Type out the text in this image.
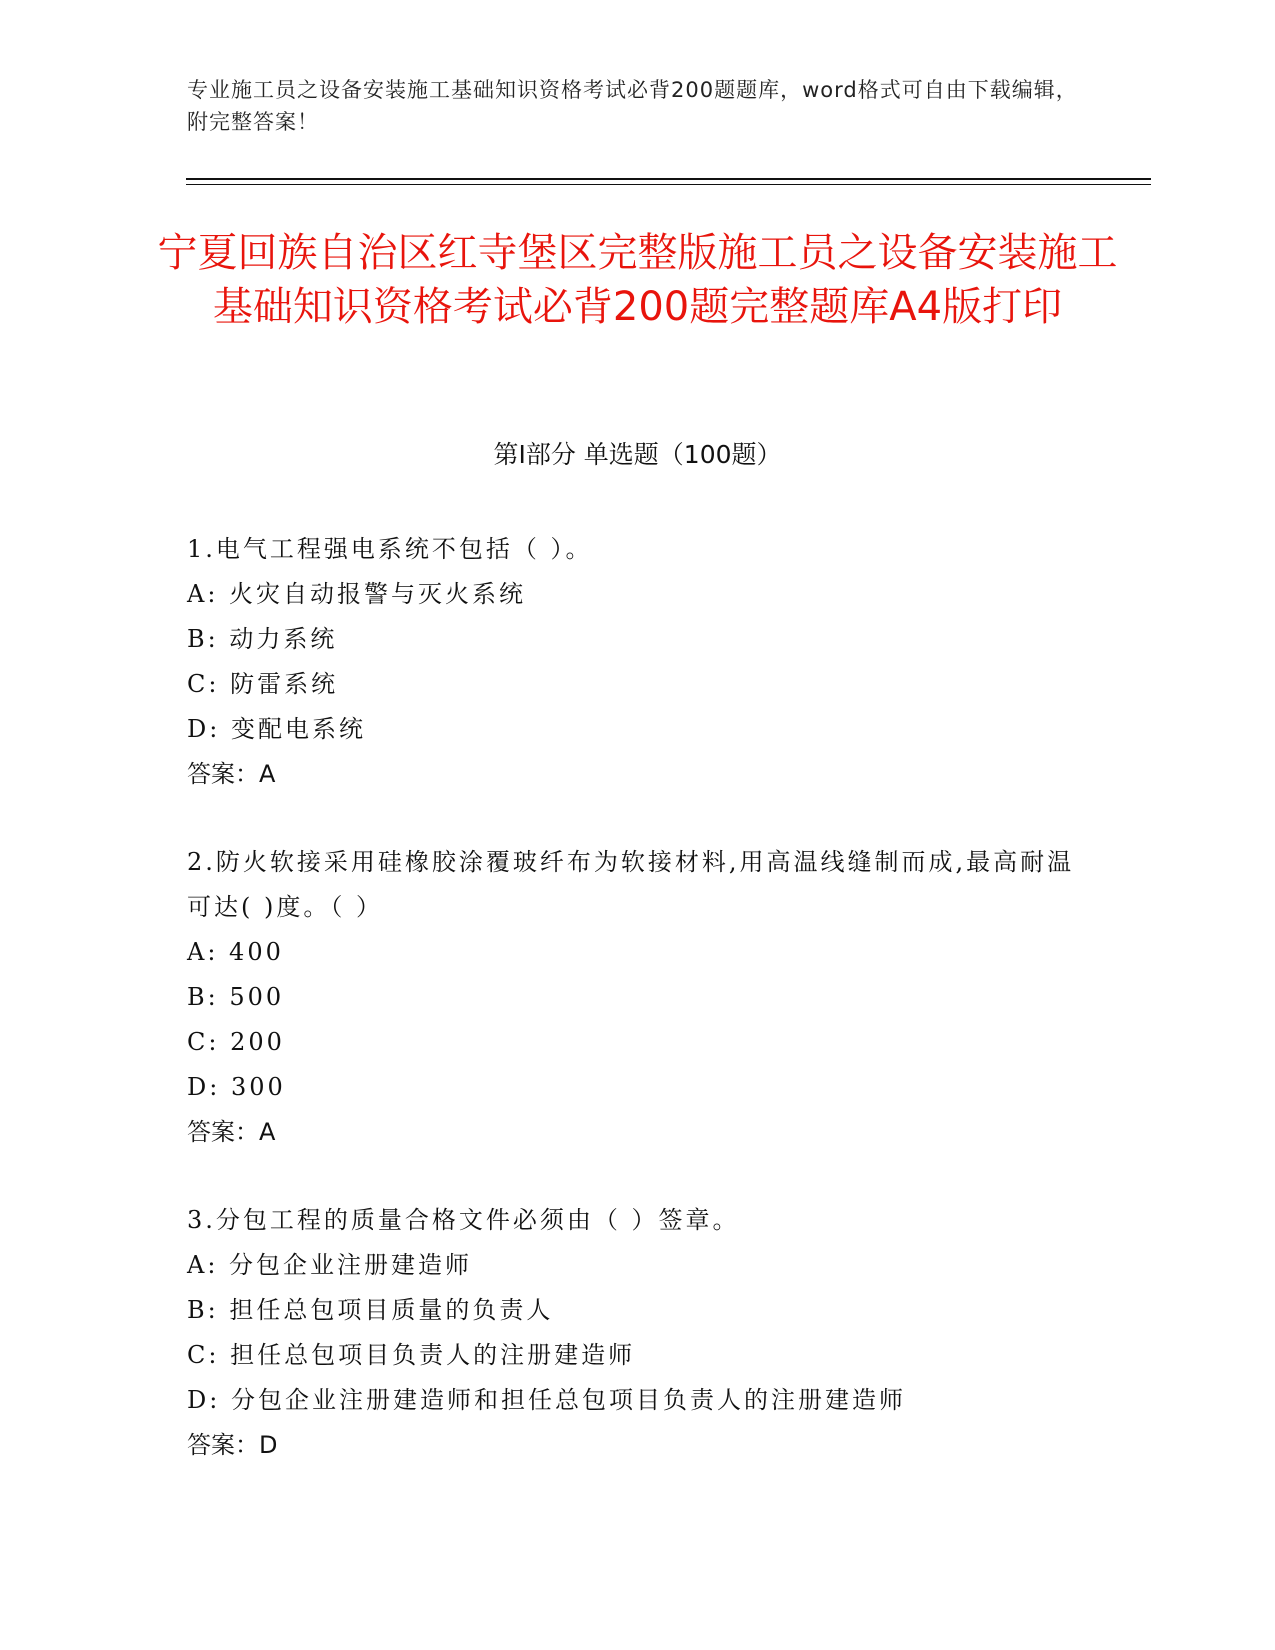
专业施工员之设备安装施工基础知识资格考试必背200题题库，word格式可自由下载编辑，附完整答案！
宁夏回族自治区红寺堡区完整版施工员之设备安装施工基础知识资格考试必背200题完整题库A4版打印
第I部分 单选题（100题）

1.电气工程强电系统不包括（ ）。

A: 火灾自动报警与灭火系统

B: 动力系统

C: 防雷系统

D: 变配电系统

答案：A

2.防火软接采用硅橡胶涂覆玻纤布为软接材料,用高温线缝制而成,最高耐温可达( )度。（ ）

A: 400

B: 500

C: 200

D: 300

答案：A

3.分包工程的质量合格文件必须由（ ）签章。

A: 分包企业注册建造师

B: 担任总包项目质量的负责人

C: 担任总包项目负责人的注册建造师

D: 分包企业注册建造师和担任总包项目负责人的注册建造师

答案：D
